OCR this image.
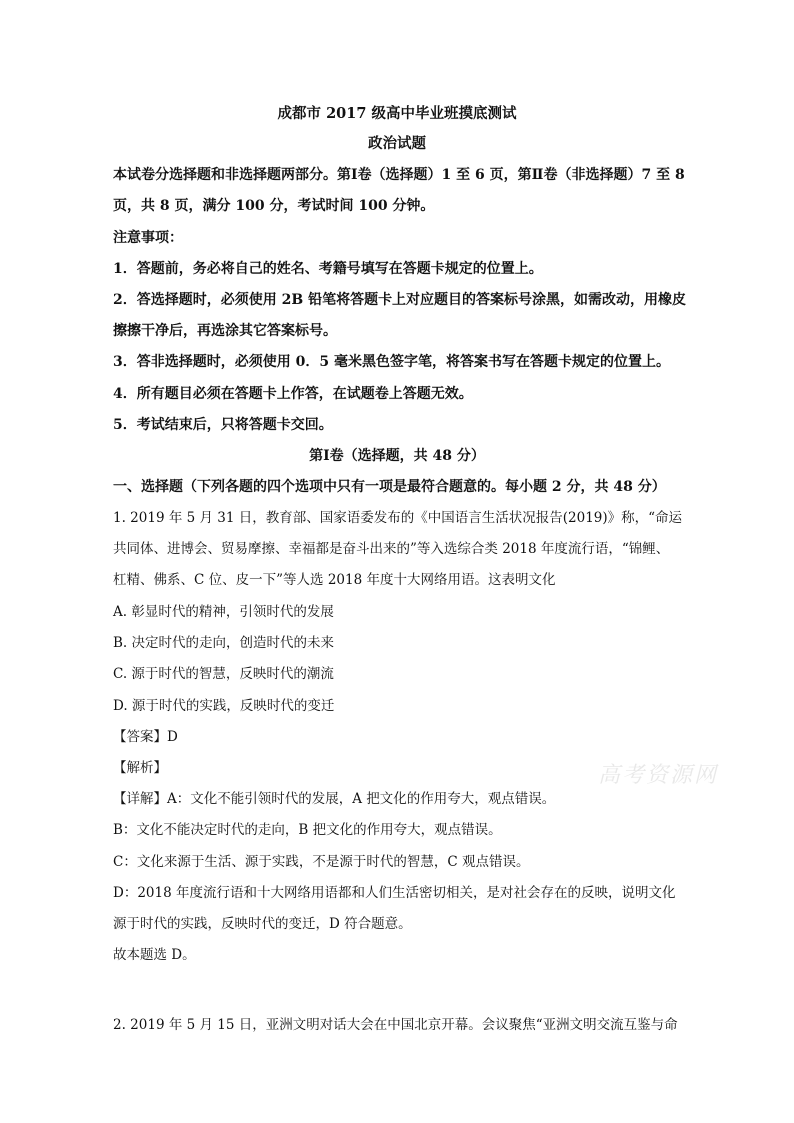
成都市 2017 级高中毕业班摸底测试
政治试题
本试卷分选择题和非选择题两部分。第Ⅰ卷（选择题）1 至 6 页，第Ⅱ卷（非选择题）7 至 8
页，共 8 页，满分 100 分，考试时间 100 分钟。
注意事项：
1．答题前，务必将自己的姓名、考籍号填写在答题卡规定的位置上。
2．答选择题时，必须使用 2B 铅笔将答题卡上对应题目的答案标号涂黑，如需改动，用橡皮
擦擦干净后，再选涂其它答案标号。
3．答非选择题时，必须使用 0．5 毫米黑色签字笔，将答案书写在答题卡规定的位置上。
4．所有题目必须在答题卡上作答，在试题卷上答题无效。
5．考试结束后，只将答题卡交回。
第Ⅰ卷（选择题，共 48 分）
一、选择题（下列各题的四个选项中只有一项是最符合题意的。每小题 2 分，共 48 分）
1. 2019 年 5 月 31 日，教育部、国家语委发布的《中国语言生活状况报告(2019)》称，“命运
共同体、进博会、贸易摩擦、幸福都是奋斗出来的”等入选综合类 2018 年度流行语，“锦鲤、
杠精、佛系、C 位、皮一下”等人选 2018 年度十大网络用语。这表明文化
A. 彰显时代的精神，引领时代的发展
B. 决定时代的走向，创造时代的未来
C. 源于时代的智慧，反映时代的潮流
D. 源于时代的实践，反映时代的变迁
【答案】D
【解析】
【详解】A：文化不能引领时代的发展，A 把文化的作用夸大，观点错误。
B：文化不能决定时代的走向，B 把文化的作用夸大，观点错误。
C：文化来源于生活、源于实践，不是源于时代的智慧，C 观点错误。
D：2018 年度流行语和十大网络用语都和人们生活密切相关，是对社会存在的反映，说明文化
源于时代的实践，反映时代的变迁，D 符合题意。
故本题选 D。
2. 2019 年 5 月 15 日，亚洲文明对话大会在中国北京开幕。会议聚焦“亚洲文明交流互鉴与命
高考资源网
